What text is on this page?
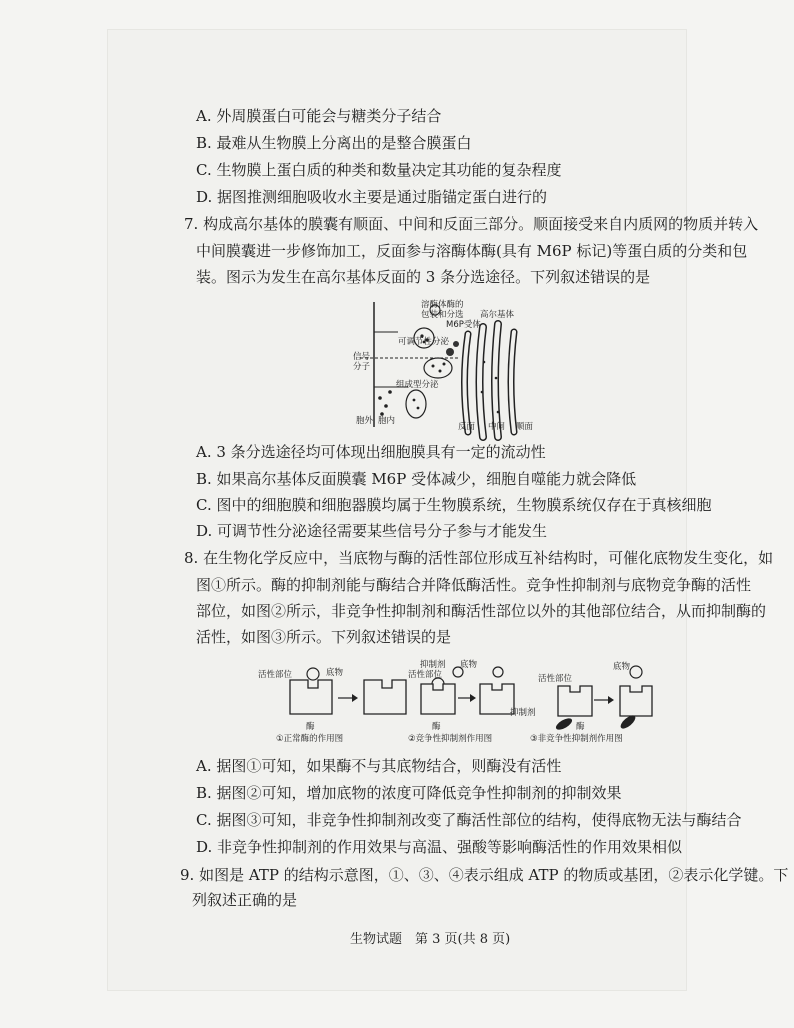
A. 外周膜蛋白可能会与糖类分子结合
B. 最难从生物膜上分离出的是整合膜蛋白
C. 生物膜上蛋白质的种类和数量决定其功能的复杂程度
D. 据图推测细胞吸收水主要是通过脂锚定蛋白进行的
7. 构成高尔基体的膜囊有顺面、中间和反面三部分。顺面接受来自内质网的物质并转入
中间膜囊进一步修饰加工，反面参与溶酶体酶(具有 M6P 标记)等蛋白质的分类和包
装。图示为发生在高尔基体反面的 3 条分选途径。下列叙述错误的是
溶酶体酶的
包装和分选
M6P受体
高尔基体
可调节性分泌
信号
分子
组成型分泌
胞外 胞内
反面 中间 顺面
A. 3 条分选途径均可体现出细胞膜具有一定的流动性
B. 如果高尔基体反面膜囊 M6P 受体减少，细胞自噬能力就会降低
C. 图中的细胞膜和细胞器膜均属于生物膜系统，生物膜系统仅存在于真核细胞
D. 可调节性分泌途径需要某些信号分子参与才能发生
8. 在生物化学反应中，当底物与酶的活性部位形成互补结构时，可催化底物发生变化，如
图①所示。酶的抑制剂能与酶结合并降低酶活性。竞争性抑制剂与底物竞争酶的活性
部位，如图②所示，非竞争性抑制剂和酶活性部位以外的其他部位结合，从而抑制酶的
活性，如图③所示。下列叙述错误的是
活性部位	底物
酶
①正常酶的作用图
抑制剂
活性部位
底物
酶
②竞争性抑制剂作用图
活性部位
底物
抑制剂
酶
③非竞争性抑制剂作用图
A. 据图①可知，如果酶不与其底物结合，则酶没有活性
B. 据图②可知，增加底物的浓度可降低竞争性抑制剂的抑制效果
C. 据图③可知，非竞争性抑制剂改变了酶活性部位的结构，使得底物无法与酶结合
D. 非竞争性抑制剂的作用效果与高温、强酸等影响酶活性的作用效果相似
9. 如图是 ATP 的结构示意图，①、③、④表示组成 ATP 的物质或基团，②表示化学键。下
列叙述正确的是
生物试题　第 3 页(共 8 页)
